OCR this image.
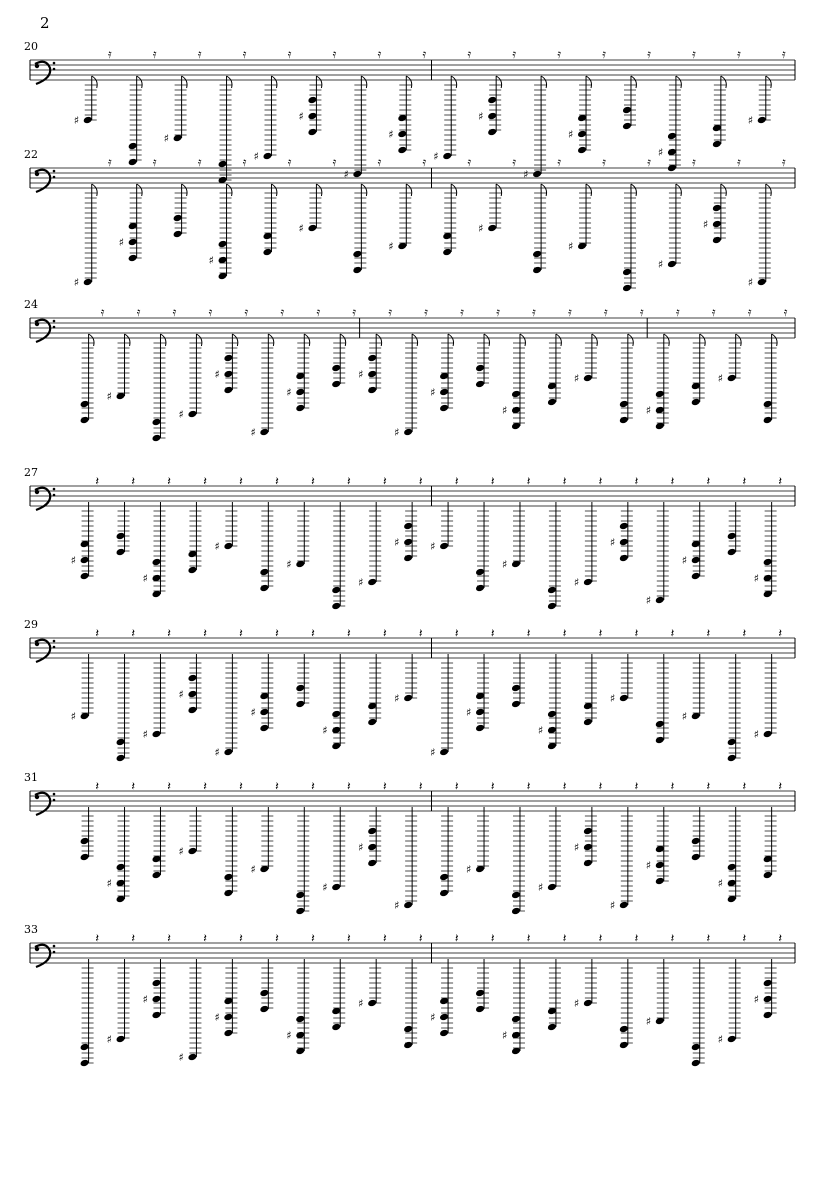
2
20
♯
𝄿	𝄿
♯
𝄿	𝄿
♯
𝄿
♯
𝄿
♯
𝄿
♯
𝄿
♯
𝄿
♯
𝄿
♯
𝄿
♯
𝄿	𝄿
♯
𝄿	𝄿
♯
𝄿
22
♯
𝄿
♯
𝄿	𝄿
♯
𝄿	𝄿
♯
𝄿	𝄿
♯
𝄿	𝄿
♯
𝄿	𝄿
♯
𝄿	𝄿
♯
𝄿
♯
𝄿
♯
𝄿
24
𝄿
♯
𝄿	𝄿
♯
𝄿
♯
𝄿
♯
𝄿
♯
𝄿	𝄿
♯
𝄿
♯
𝄿
♯
𝄿	𝄿
♯
𝄿	𝄿
♯
𝄿	𝄿
♯
𝄿	𝄿
♯
𝄿	𝄿
27
♯
𝄽	𝄽
♯
𝄽	𝄽
♯
𝄽	𝄽
♯
𝄽	𝄽
♯
𝄽
♯
𝄽
♯
𝄽	𝄽
♯
𝄽	𝄽
♯
𝄽
♯
𝄽
♯
𝄽
♯
𝄽	𝄽
♯
𝄽
29
♯
𝄽	𝄽
♯
𝄽
♯
𝄽
♯
𝄽
♯
𝄽	𝄽
♯
𝄽	𝄽
♯
𝄽
♯
𝄽
♯
𝄽	𝄽
♯
𝄽	𝄽
♯
𝄽	𝄽
♯
𝄽	𝄽
♯
𝄽
31
𝄽
♯
𝄽	𝄽
♯
𝄽	𝄽
♯
𝄽	𝄽
♯
𝄽
♯
𝄽
♯
𝄽	𝄽
♯
𝄽	𝄽
♯
𝄽
♯
𝄽
♯
𝄽
♯
𝄽	𝄽
♯
𝄽	𝄽
33
𝄽
♯
𝄽
♯
𝄽
♯
𝄽
♯
𝄽	𝄽
♯
𝄽	𝄽
♯
𝄽	𝄽
♯
𝄽	𝄽
♯
𝄽	𝄽
♯
𝄽	𝄽
♯
𝄽	𝄽
♯
𝄽
♯
𝄽
